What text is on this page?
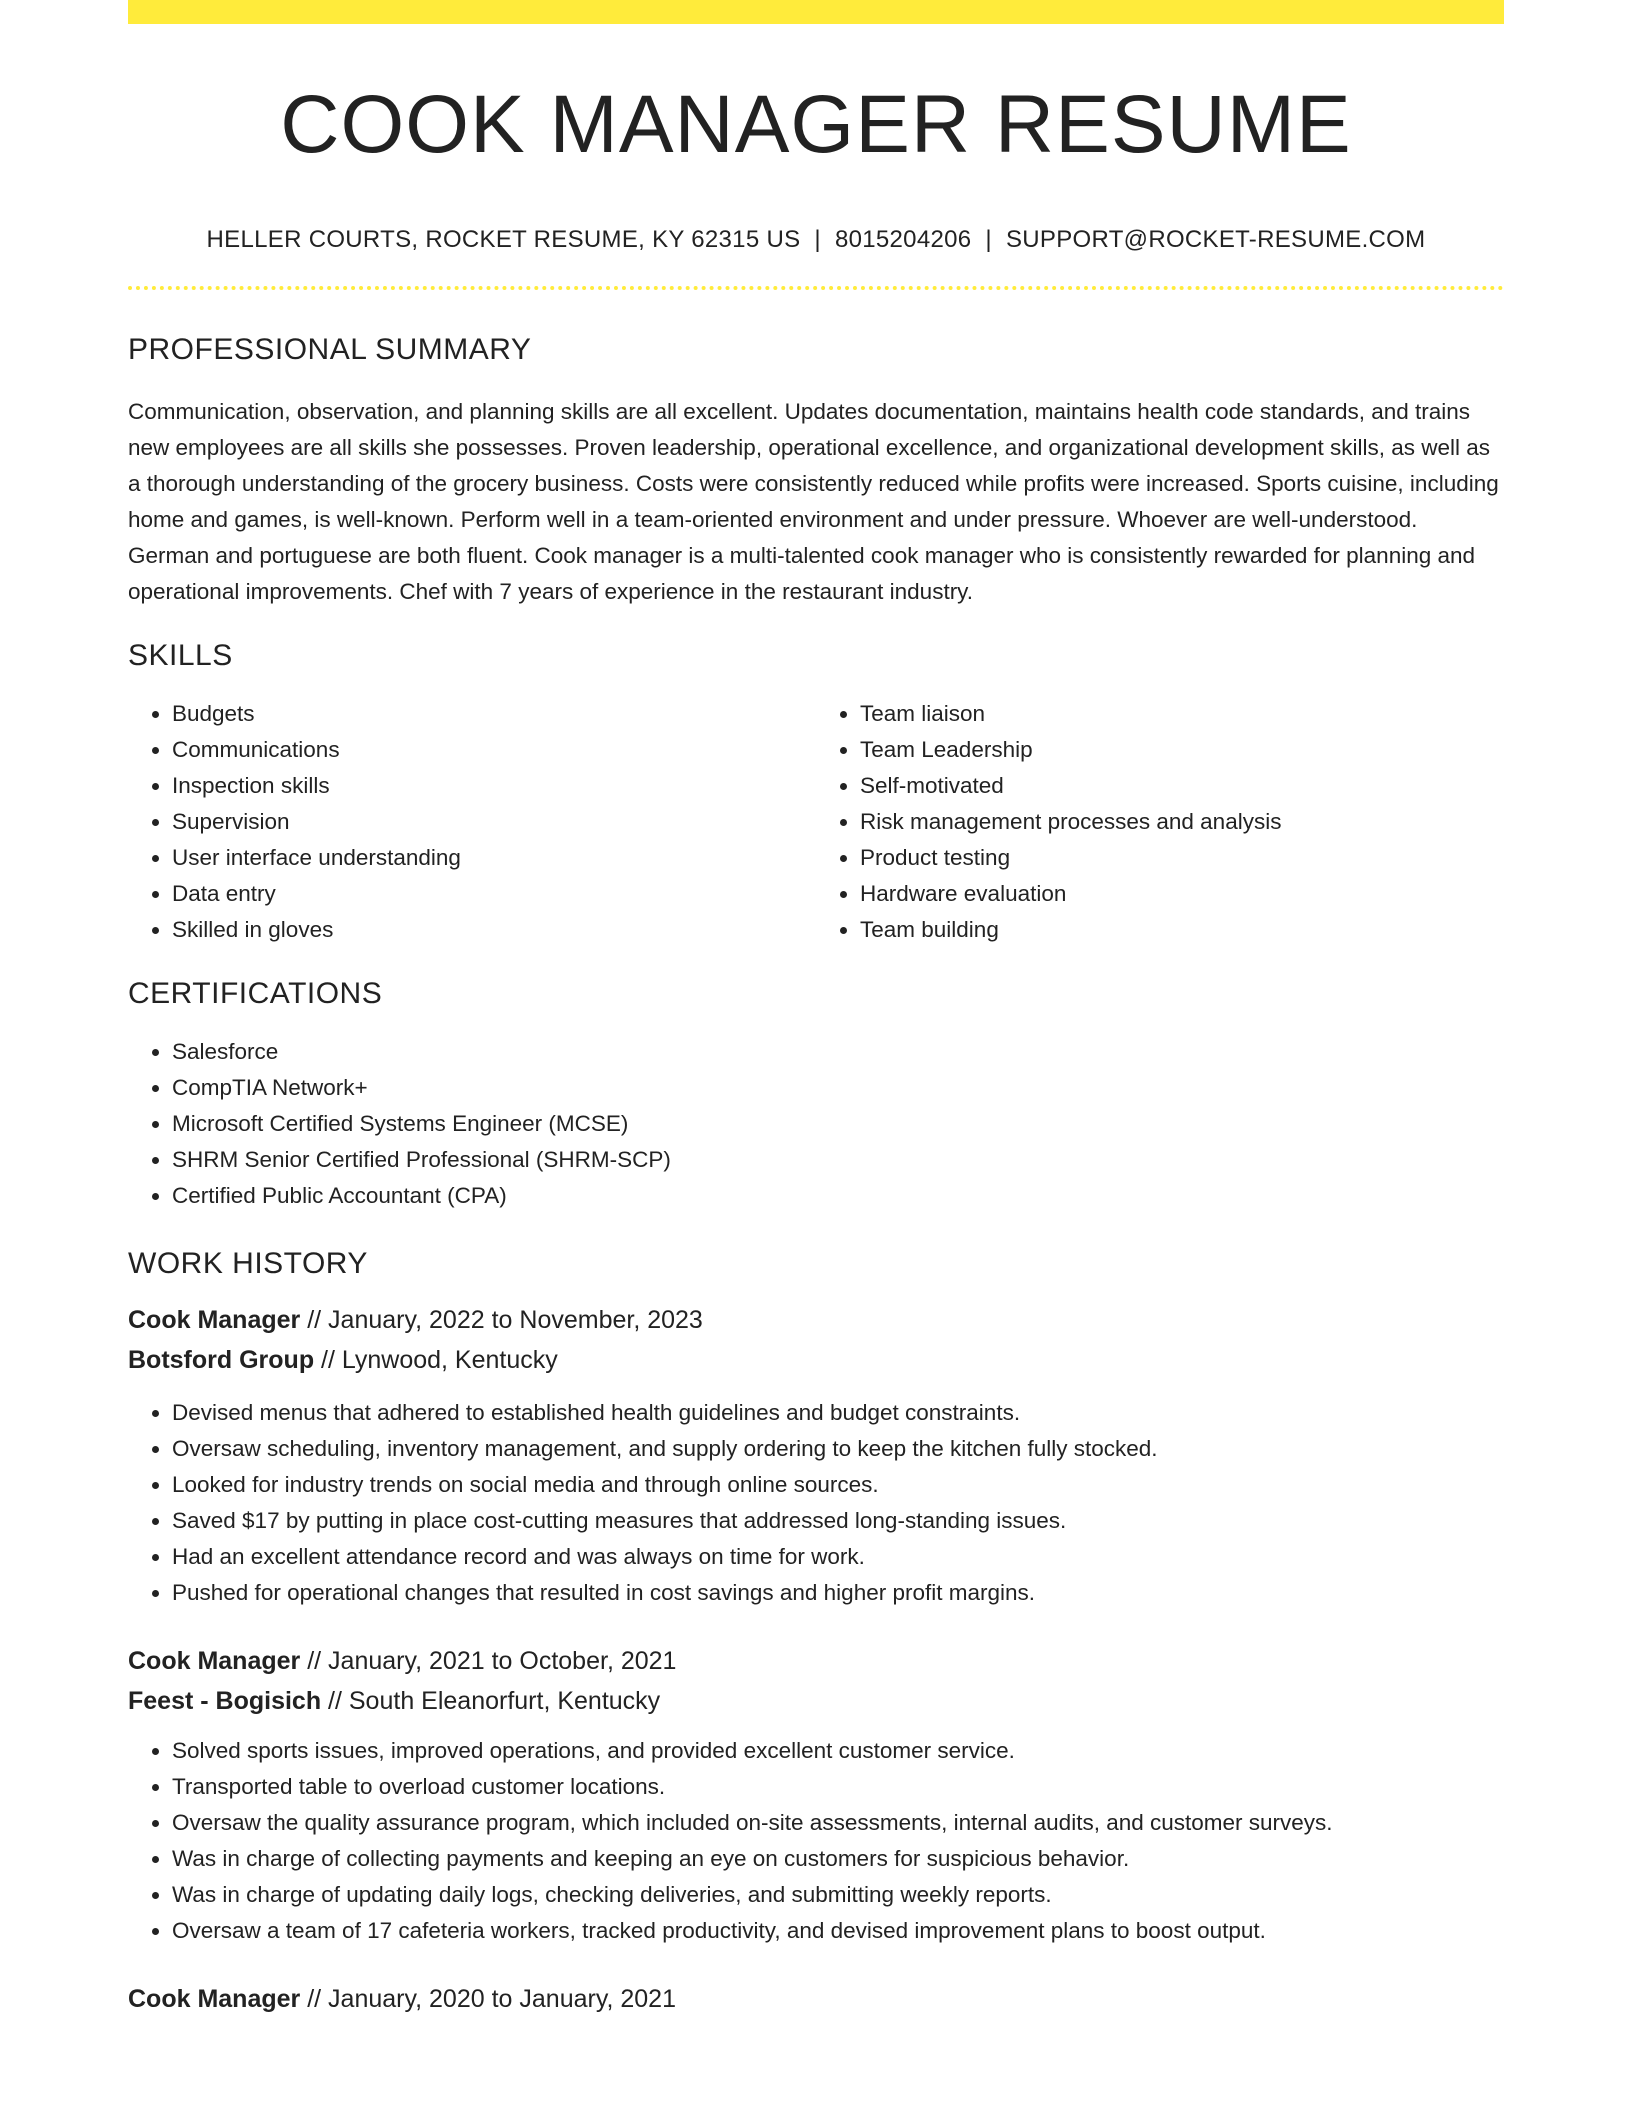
COOK MANAGER RESUME
HELLER COURTS, ROCKET RESUME, KY 62315 US | 8015204206 | SUPPORT@ROCKET-RESUME.COM
PROFESSIONAL SUMMARY

Communication, observation, and planning skills are all excellent. Updates documentation, maintains health code standards, and trains new employees are all skills she possesses. Proven leadership, operational excellence, and organizational development skills, as well as a thorough understanding of the grocery business. Costs were consistently reduced while profits were increased. Sports cuisine, including home and games, is well-known. Perform well in a team-oriented environment and under pressure. Whoever are well-understood. German and portuguese are both fluent. Cook manager is a multi-talented cook manager who is consistently rewarded for planning and operational improvements. Chef with 7 years of experience in the restaurant industry.

SKILLS
• Budgets
• Communications
• Inspection skills
• Supervision
• User interface understanding
• Data entry
• Skilled in gloves
• Team liaison
• Team Leadership
• Self-motivated
• Risk management processes and analysis
• Product testing
• Hardware evaluation
• Team building
CERTIFICATIONS
• Salesforce
• CompTIA Network+
• Microsoft Certified Systems Engineer (MCSE)
• SHRM Senior Certified Professional (SHRM-SCP)
• Certified Public Accountant (CPA)
WORK HISTORY
Cook Manager // January, 2022 to November, 2023
Botsford Group // Lynwood, Kentucky
• Devised menus that adhered to established health guidelines and budget constraints.
• Oversaw scheduling, inventory management, and supply ordering to keep the kitchen fully stocked.
• Looked for industry trends on social media and through online sources.
• Saved $17 by putting in place cost-cutting measures that addressed long-standing issues.
• Had an excellent attendance record and was always on time for work.
• Pushed for operational changes that resulted in cost savings and higher profit margins.
Cook Manager // January, 2021 to October, 2021
Feest - Bogisich // South Eleanorfurt, Kentucky
• Solved sports issues, improved operations, and provided excellent customer service.
• Transported table to overload customer locations.
• Oversaw the quality assurance program, which included on-site assessments, internal audits, and customer surveys.
• Was in charge of collecting payments and keeping an eye on customers for suspicious behavior.
• Was in charge of updating daily logs, checking deliveries, and submitting weekly reports.
• Oversaw a team of 17 cafeteria workers, tracked productivity, and devised improvement plans to boost output.
Cook Manager // January, 2020 to January, 2021
